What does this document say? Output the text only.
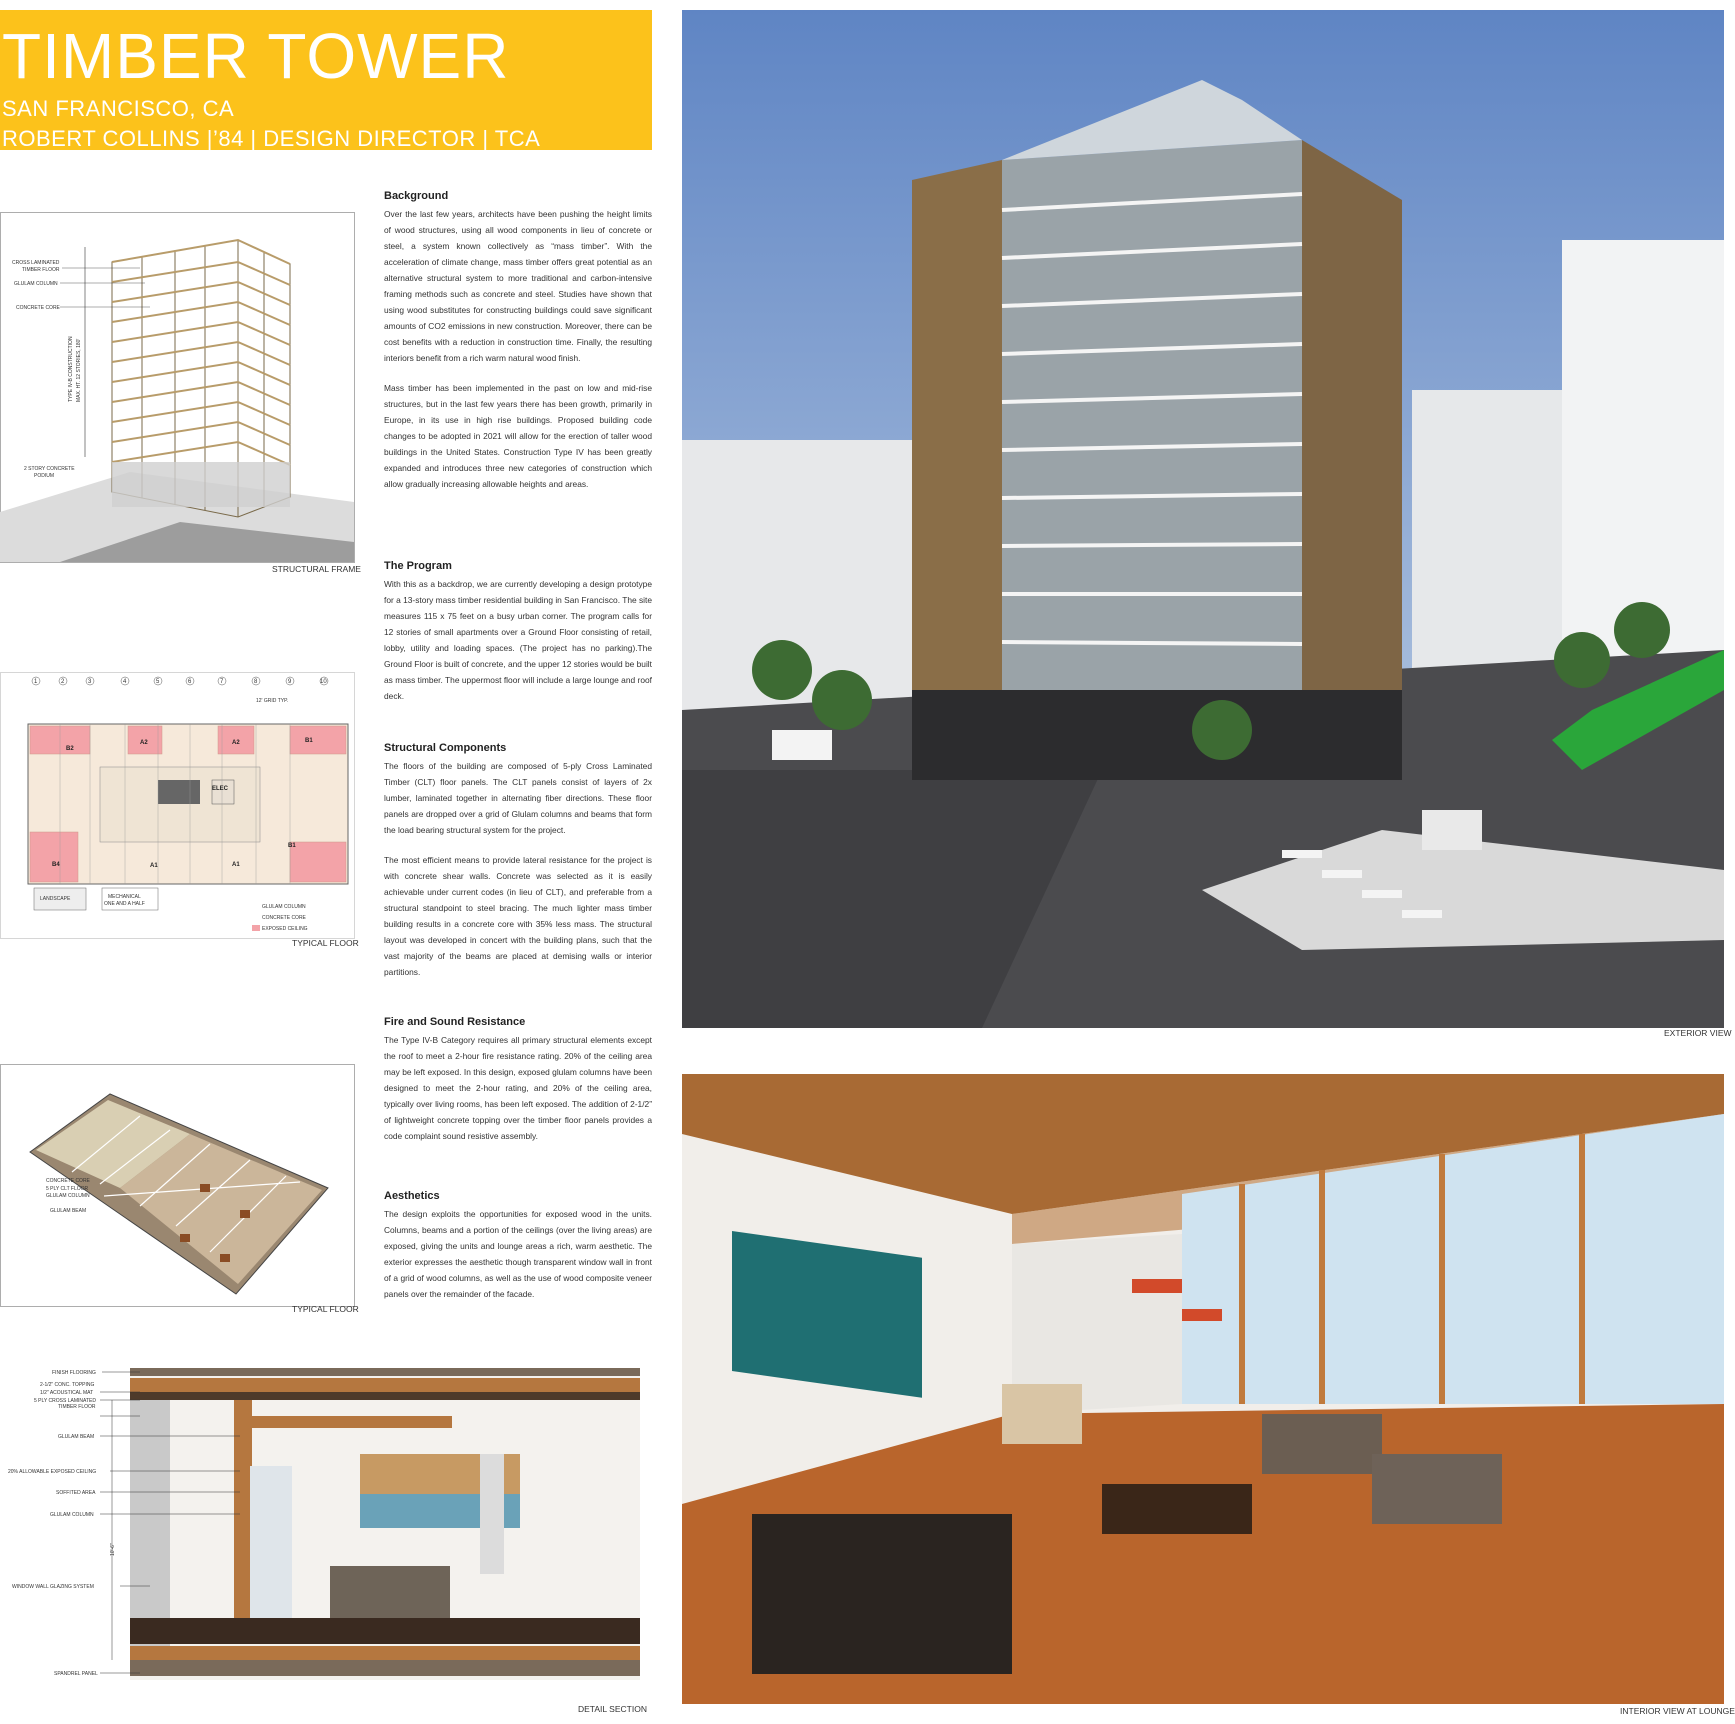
TIMBER TOWER
SAN FRANCISCO, CA
ROBERT COLLINS |’84 | DESIGN DIRECTOR | TCA ARCHITECTS
Background

Over the last few years, architects have been pushing the height limits of wood structures, using all wood components in lieu of concrete or steel, a system known collectively as “mass timber”. With the acceleration of climate change, mass timber offers great potential as an alternative structural system to more traditional and carbon-intensive framing methods such as concrete and steel. Studies have shown that using wood substitutes for constructing buildings could save significant amounts of CO2 emissions in new construction. Moreover, there can be cost benefits with a reduction in construction time. Finally, the resulting interiors benefit from a rich warm natural wood finish.

Mass timber has been implemented in the past on low and mid-rise structures, but in the last few years there has been growth, primarily in Europe, in its use in high rise buildings. Proposed building code changes to be adopted in 2021 will allow for the erection of taller wood buildings in the United States. Construction Type IV has been greatly expanded and introduces three new categories of construction which allow gradually increasing allowable heights and areas.

The Program

With this as a backdrop, we are currently developing a design prototype for a 13-story mass timber residential building in San Francisco. The site measures 115 x 75 feet on a busy urban corner. The program calls for 12 stories of small apartments over a Ground Floor consisting of retail, lobby, utility and loading spaces. (The project has no parking).The Ground Floor is built of concrete, and the upper 12 stories would be built as mass timber. The uppermost floor will include a large lounge and roof deck.

Structural Components

The floors of the building are composed of 5-ply Cross Laminated Timber (CLT) floor panels. The CLT panels consist of layers of 2x lumber, laminated together in alternating fiber directions. These floor panels are dropped over a grid of Glulam columns and beams that form the load bearing structural system for the project.

The most efficient means to provide lateral resistance for the project is with concrete shear walls. Concrete was selected as it is easily achievable under current codes (in lieu of CLT), and preferable from a structural standpoint to steel bracing. The much lighter mass timber building results in a concrete core with 35% less mass. The structural layout was developed in concert with the building plans, such that the vast majority of the beams are placed at demising walls or interior partitions.

Fire and Sound Resistance

The Type IV-B Category requires all primary structural elements except the roof to meet a 2-hour fire resistance rating. 20% of the ceiling area may be left exposed. In this design, exposed glulam columns have been designed to meet the 2-hour rating, and 20% of the ceiling area, typically over living rooms, has been left exposed. The addition of 2-1/2” of lightweight concrete topping over the timber floor panels provides a code complaint sound resistive assembly.

Aesthetics

The design exploits the opportunities for exposed wood in the units. Columns, beams and a portion of the ceilings (over the living areas) are exposed, giving the units and lounge areas a rich, warm aesthetic. The exterior expresses the aesthetic though transparent window wall in front of a grid of wood columns, as well as the use of wood composite veneer panels over the remainder of the facade.

CROSS LAMINATED
TIMBER FLOOR
GLULAM COLUMN
CONCRETE CORE
TYPE IV-B CONSTRUCTION MAX. HT. 12 STORIES, 180'
2 STORY CONCRETE
PODIUM
STRUCTURAL FRAME
1	2	3	4	5	6	7	8	9	10
12' GRID TYP.
B2
A2	A2	B1
B4	A1	A1
B1
ELEC
LANDSCAPE	MECHANICAL
ONE AND A HALF	GLULAM COLUMN
CONCRETE CORE
EXPOSED CEILING
TYPICAL FLOOR
CONCRETE CORE
5 PLY CLT FLOOR
GLULAM COLUMN
GLULAM BEAM
TYPICAL FLOOR
FINISH FLOORING
2-1/2" CONC. TOPPING
1/2" ACOUSTICAL MAT
5 PLY CROSS LAMINATED
TIMBER FLOOR
GLULAM BEAM
20% ALLOWABLE EXPOSED CEILING
SOFFITED AREA
GLULAM COLUMN
10'-6"
WINDOW WALL GLAZING SYSTEM
SPANDREL PANEL
DETAIL SECTION
EXTERIOR VIEW
INTERIOR VIEW AT LOUNGE
